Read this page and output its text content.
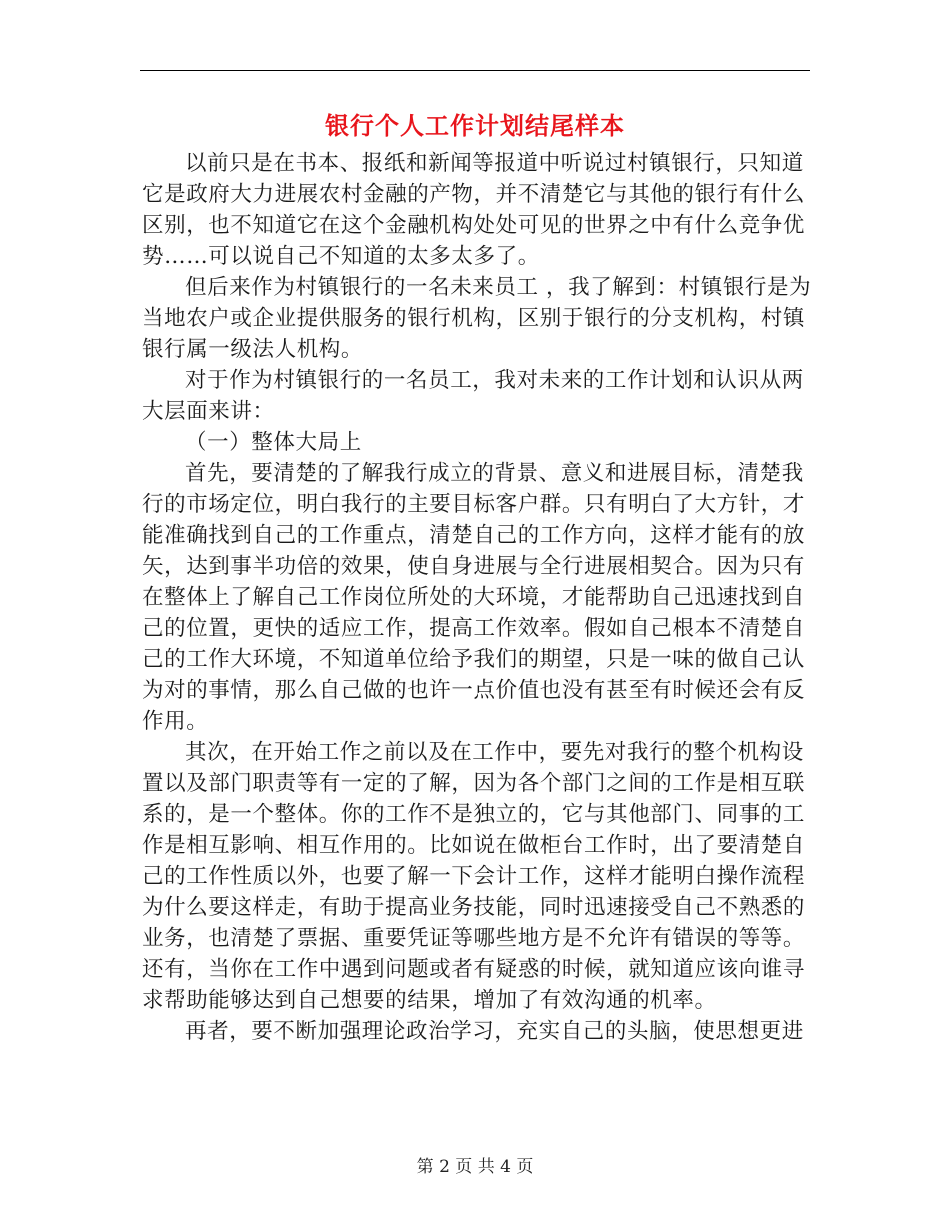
银行个人工作计划结尾样本
以前只是在书本、报纸和新闻等报道中听说过村镇银行，只知道
它是政府大力进展农村金融的产物，并不清楚它与其他的银行有什么
区别，也不知道它在这个金融机构处处可见的世界之中有什么竞争优
势……可以说自己不知道的太多太多了。
但后来作为村镇银行的一名未来员工 ，我了解到：村镇银行是为
当地农户或企业提供服务的银行机构，区别于银行的分支机构，村镇
银行属一级法人机构。
对于作为村镇银行的一名员工，我对未来的工作计划和认识从两
大层面来讲：
（一）整体大局上
首先，要清楚的了解我行成立的背景、意义和进展目标，清楚我
行的市场定位，明白我行的主要目标客户群。只有明白了大方针，才
能准确找到自己的工作重点，清楚自己的工作方向，这样才能有的放
矢，达到事半功倍的效果，使自身进展与全行进展相契合。因为只有
在整体上了解自己工作岗位所处的大环境，才能帮助自己迅速找到自
己的位置，更快的适应工作，提高工作效率。假如自己根本不清楚自
己的工作大环境，不知道单位给予我们的期望，只是一味的做自己认
为对的事情，那么自己做的也许一点价值也没有甚至有时候还会有反
作用。
其次，在开始工作之前以及在工作中，要先对我行的整个机构设
置以及部门职责等有一定的了解，因为各个部门之间的工作是相互联
系的，是一个整体。你的工作不是独立的，它与其他部门、同事的工
作是相互影响、相互作用的。比如说在做柜台工作时，出了要清楚自
己的工作性质以外，也要了解一下会计工作，这样才能明白操作流程
为什么要这样走，有助于提高业务技能，同时迅速接受自己不熟悉的
业务，也清楚了票据、重要凭证等哪些地方是不允许有错误的等等。
还有，当你在工作中遇到问题或者有疑惑的时候，就知道应该向谁寻
求帮助能够达到自己想要的结果，增加了有效沟通的机率。
再者，要不断加强理论政治学习，充实自己的头脑，使思想更进
第 2 页 共 4 页
